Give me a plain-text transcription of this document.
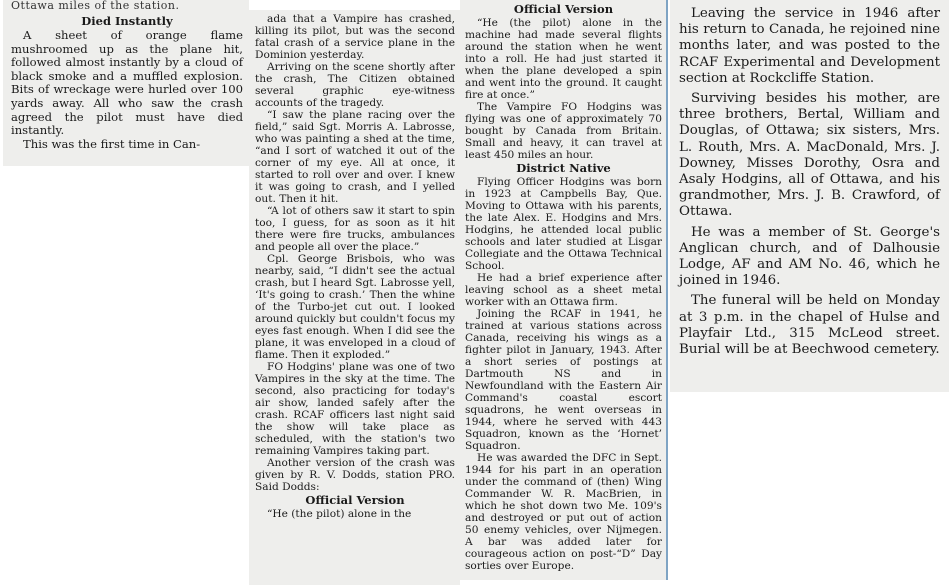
Ottawa miles of the station.
Died Instantly

A sheet of orange flame mushroomed up as the plane hit, followed almost instantly by a cloud of black smoke and a muffled explosion. Bits of wreckage were hurled over 100 yards away. All who saw the crash agreed the pilot must have died instantly.

This was the first time in Can-

ada that a Vampire has crashed, killing its pilot, but was the second fatal crash of a service plane in the Dominion yesterday.

Arriving on the scene shortly after the crash, The Citizen obtained several graphic eye-witness accounts of the tragedy.

“I saw the plane racing over the field,” said Sgt. Morris A. Labrosse, who was painting a shed at the time, “and I sort of watched it out of the corner of my eye. All at once, it started to roll over and over. I knew it was going to crash, and I yelled out. Then it hit.

“A lot of others saw it start to spin too, I guess, for as soon as it hit there were fire trucks, ambulances and people all over the place.”

Cpl. George Brisbois, who was nearby, said, “I didn't see the actual crash, but I heard Sgt. Labrosse yell, ‘It's going to crash.’ Then the whine of the Turbo-jet cut out. I looked around quickly but couldn't focus my eyes fast enough. When I did see the plane, it was enveloped in a cloud of flame. Then it exploded.”

FO Hodgins' plane was one of two Vampires in the sky at the time. The second, also practicing for today's air show, landed safely after the crash. RCAF officers last night said the show will take place as scheduled, with the station's two remaining Vampires taking part.

Another version of the crash was given by R. V. Dodds, station PRO. Said Dodds:

Official Version

“He (the pilot) alone in the

Official Version

“He (the pilot) alone in the machine had made several flights around the station when he went into a roll. He had just started it when the plane developed a spin and went into the ground. It caught fire at once.”

The Vampire FO Hodgins was flying was one of approximately 70 bought by Canada from Britain. Small and heavy, it can travel at least 450 miles an hour.

District Native

Flying Officer Hodgins was born in 1923 at Campbells Bay, Que. Moving to Ottawa with his parents, the late Alex. E. Hodgins and Mrs. Hodgins, he attended local public schools and later studied at Lisgar Collegiate and the Ottawa Technical School.

He had a brief experience after leaving school as a sheet metal worker with an Ottawa firm.

Joining the RCAF in 1941, he trained at various stations across Canada, receiving his wings as a fighter pilot in January, 1943. After a short series of postings at Dartmouth NS and in Newfoundland with the Eastern Air Command's coastal escort squadrons, he went overseas in 1944, where he served with 443 Squadron, known as the ‘Hornet’ Squadron.

He was awarded the DFC in Sept. 1944 for his part in an operation under the command of (then) Wing Commander W. R. MacBrien, in which he shot down two Me. 109's and destroyed or put out of action 50 enemy vehicles, over Nijmegen. A bar was added later for courageous action on post-“D” Day sorties over Europe.

Leaving the service in 1946 after his return to Canada, he rejoined nine months later, and was posted to the RCAF Experimental and Development section at Rockcliffe Station.

Surviving besides his mother, are three brothers, Bertal, William and Douglas, of Ottawa; six sisters, Mrs. L. Routh, Mrs. A. MacDonald, Mrs. J. Downey, Misses Dorothy, Osra and Asaly Hodgins, all of Ottawa, and his grandmother, Mrs. J. B. Crawford, of Ottawa.

He was a member of St. George's Anglican church, and of Dalhousie Lodge, AF and AM No. 46, which he joined in 1946.

The funeral will be held on Monday at 3 p.m. in the chapel of Hulse and Playfair Ltd., 315 McLeod street. Burial will be at Beechwood cemetery.
